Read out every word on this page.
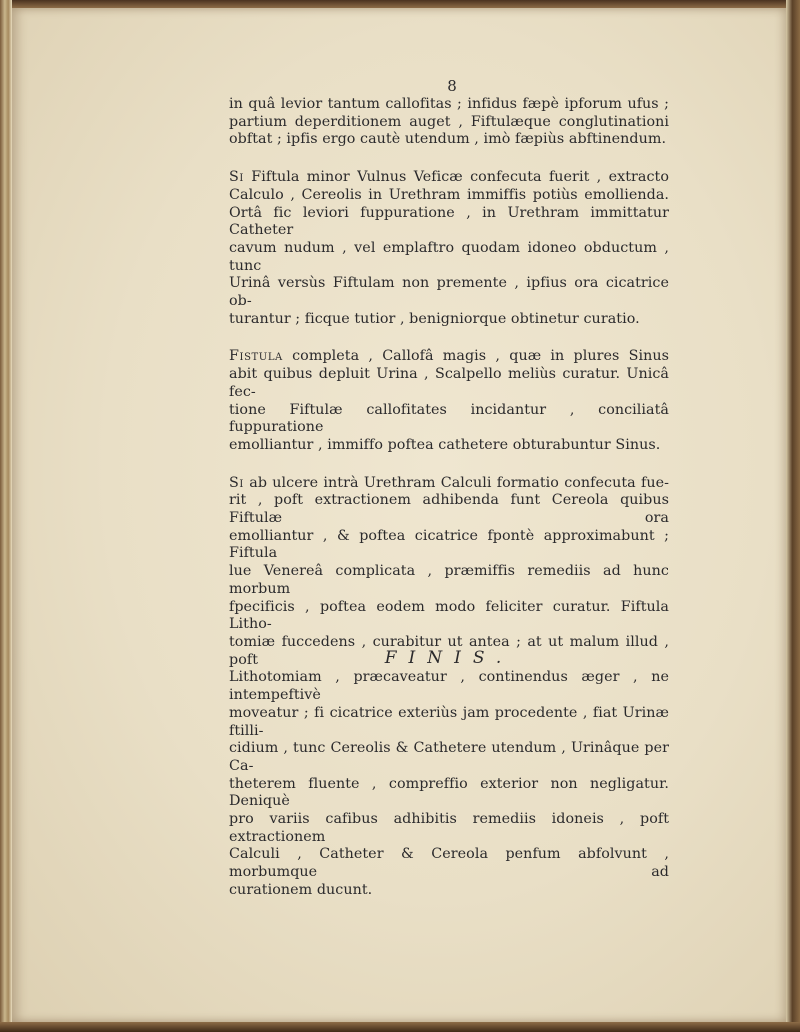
8
in quâ levior tantum callofitas ; infidus fæpè ipforum ufus ;
partium deperditionem auget , Fiftulæque conglutinationi
obftat ; ipfis ergo cautè utendum , imò fæpiùs abftinendum.
Si Fiftula minor Vulnus Veficæ confecuta fuerit , extracto
Calculo , Cereolis in Urethram immiffis potiùs emollienda.
Ortâ fic leviori fuppuratione , in Urethram immittatur Catheter
cavum nudum , vel emplaftro quodam idoneo obductum , tunc
Urinâ versùs Fiftulam non premente , ipfius ora cicatrice ob-
turantur ; ficque tutior , benigniorque obtinetur curatio.
Fistula completa , Callofâ magis , quæ in plures Sinus
abit quibus depluit Urina , Scalpello meliùs curatur. Unicâ fec-
tione Fiftulæ callofitates incidantur , conciliatâ fuppuratione
emolliantur , immiffo poftea cathetere obturabuntur Sinus.
Si ab ulcere intrà Urethram Calculi formatio confecuta fue-
rit , poft extractionem adhibenda funt Cereola quibus Fiftulæ ora
emolliantur , & poftea cicatrice fpontè approximabunt ; Fiftula
lue Venereâ complicata , præmiffis remediis ad hunc morbum
fpecificis , poftea eodem modo feliciter curatur. Fiftula Litho-
tomiæ fuccedens , curabitur ut antea ; at ut malum illud , poft
Lithotomiam , præcaveatur , continendus æger , ne intempeftivè
moveatur ; fi cicatrice exteriùs jam procedente , fiat Urinæ ftilli-
cidium , tunc Cereolis & Cathetere utendum , Urinâque per Ca-
theterem fluente , compreffio exterior non negligatur. Deniquè
pro variis cafibus adhibitis remediis idoneis , poft extractionem
Calculi , Catheter & Cereola penfum abfolvunt , morbumque ad
curationem ducunt.
FINIS.
